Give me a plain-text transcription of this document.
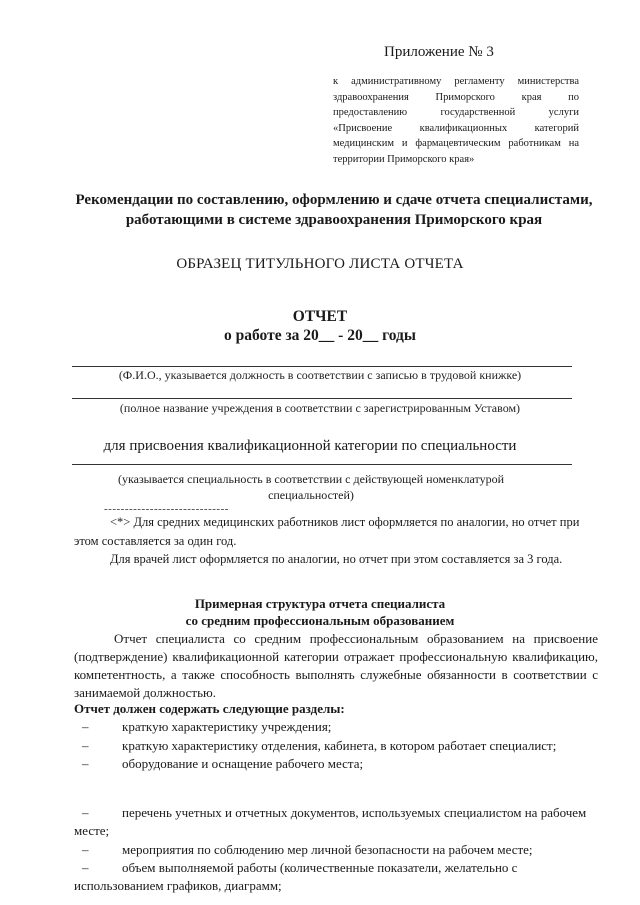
Приложение № 3
к административному регламенту министерства
здравоохранения Приморского края по
предоставлению государственной услуги
«Присвоение квалификационных категорий
медицинским и фармацевтическим работникам на
территории Приморского края»
Рекомендации по составлению, оформлению и сдаче отчета специалистами, работающими в системе здравоохранения Приморского края
ОБРАЗЕЦ ТИТУЛЬНОГО ЛИСТА ОТЧЕТА
ОТЧЕТ
о работе за 20__ - 20__ годы
(Ф.И.О., указывается должность в соответствии с записью в трудовой книжке)
(полное название учреждения в соответствии с зарегистрированным Уставом)
для присвоения квалификационной категории по специальности
(указывается специальность в соответствии с действующей номенклатурой
специальностей)
------------------------------
<*> Для средних медицинских работников лист оформляется по аналогии, но отчет при
этом составляется за один год.
Для врачей лист оформляется по аналогии, но отчет при этом составляется за 3 года.
Примерная структура отчета специалиста
со средним профессиональным образованием
Отчет специалиста со средним профессиональным образованием на присвоение
(подтверждение) квалификационной категории отражает профессиональную квалификацию,
компетентность, а также способность выполнять служебные обязанности в соответствии с
занимаемой должностью.
Отчет должен содержать следующие разделы:
–	краткую характеристику учреждения;
–	краткую характеристику отделения, кабинета, в котором работает специалист;
–	оборудование и оснащение рабочего места;
–	перечень учетных и отчетных документов, используемых специалистом на рабочем
месте;
–	мероприятия по соблюдению мер личной безопасности на рабочем месте;
–	объем выполняемой работы (количественные показатели, желательно с
использованием графиков, диаграмм;
